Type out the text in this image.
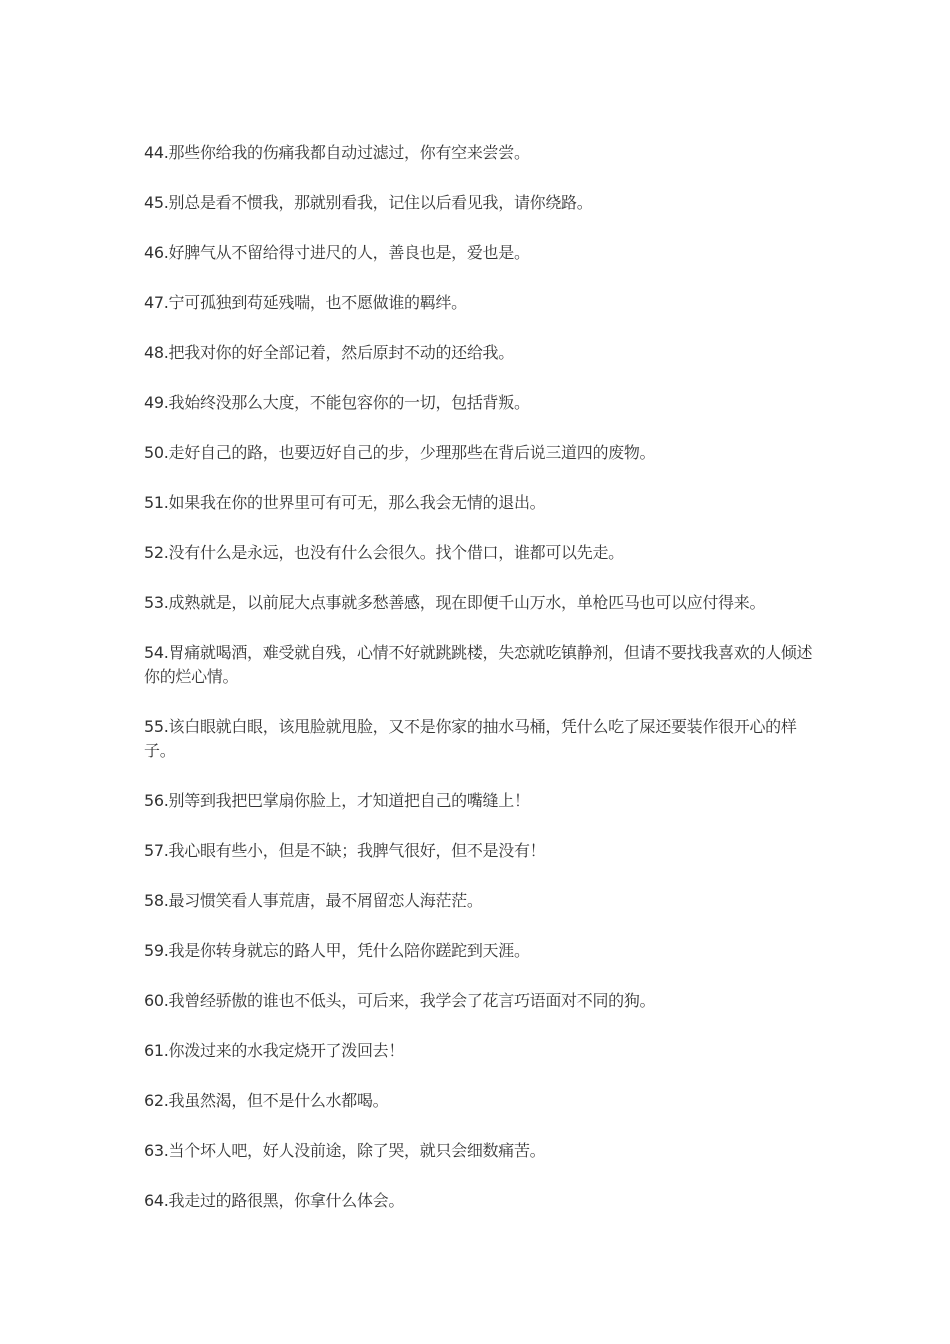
44.那些你给我的伤痛我都自动过滤过，你有空来尝尝。

45.别总是看不惯我，那就别看我，记住以后看见我，请你绕路。

46.好脾气从不留给得寸进尺的人，善良也是，爱也是。

47.宁可孤独到苟延残喘，也不愿做谁的羁绊。

48.把我对你的好全部记着，然后原封不动的还给我。

49.我始终没那么大度，不能包容你的一切，包括背叛。

50.走好自己的路，也要迈好自己的步，少理那些在背后说三道四的废物。

51.如果我在你的世界里可有可无，那么我会无情的退出。

52.没有什么是永远，也没有什么会很久。找个借口，谁都可以先走。

53.成熟就是，以前屁大点事就多愁善感，现在即便千山万水，单枪匹马也可以应付得来。

54.胃痛就喝酒，难受就自残，心情不好就跳跳楼，失恋就吃镇静剂，但请不要找我喜欢的人倾述你的烂心情。

55.该白眼就白眼，该甩脸就甩脸，又不是你家的抽水马桶，凭什么吃了屎还要装作很开心的样子。

56.别等到我把巴掌扇你脸上，才知道把自己的嘴缝上！

57.我心眼有些小，但是不缺；我脾气很好，但不是没有！

58.最习惯笑看人事荒唐，最不屑留恋人海茫茫。

59.我是你转身就忘的路人甲，凭什么陪你蹉跎到天涯。

60.我曾经骄傲的谁也不低头，可后来，我学会了花言巧语面对不同的狗。

61.你泼过来的水我定烧开了泼回去！

62.我虽然渴，但不是什么水都喝。

63.当个坏人吧，好人没前途，除了哭，就只会细数痛苦。

64.我走过的路很黑，你拿什么体会。
